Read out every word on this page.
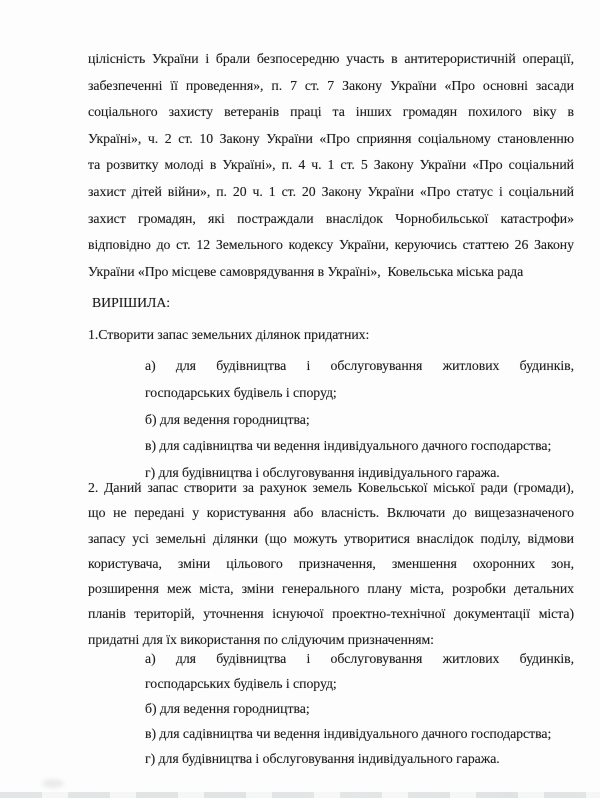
цілісність України і брали безпосередню участь в антитерористичній операції,
забезпеченні її проведення», п. 7 ст. 7 Закону України «Про основні засади
соціального захисту ветеранів праці та інших громадян похилого віку в
Україні», ч. 2 ст. 10 Закону України «Про сприяння соціальному становленню
та розвитку молоді в Україні», п. 4 ч. 1 ст. 5 Закону України «Про соціальний
захист дітей війни», п. 20 ч. 1 ст. 20 Закону України «Про статус і соціальний
захист громадян, які постраждали внаслідок Чорнобильської катастрофи»
відповідно до ст. 12 Земельного кодексу України, керуючись статтею 26 Закону
України «Про місцеве самоврядування в Україні»,  Ковельська міська рада
ВИРІШИЛА:
1.Створити запас земельних ділянок придатних:
а) для будівництва і обслуговування житлових будинків,
господарських будівель і споруд;
б) для ведення городництва;
в) для садівництва чи ведення індивідуального дачного господарства;
г) для будівництва і обслуговування індивідуального гаража.
2. Даний запас створити за рахунок земель Ковельської міської ради (громади),
що не передані у користування або власність. Включати до вищезазначеного
запасу усі земельні ділянки (що можуть утворитися внаслідок поділу, відмови
користувача, зміни цільового призначення, зменшення охоронних зон,
розширення меж міста, зміни генерального плану міста, розробки детальних
планів територій, уточнення існуючої проектно-технічної документації міста)
придатні для їх використання по слідуючим призначенням:
а) для будівництва і обслуговування житлових будинків,
господарських будівель і споруд;
б) для ведення городництва;
в) для садівництва чи ведення індивідуального дачного господарства;
г) для будівництва і обслуговування індивідуального гаража.
